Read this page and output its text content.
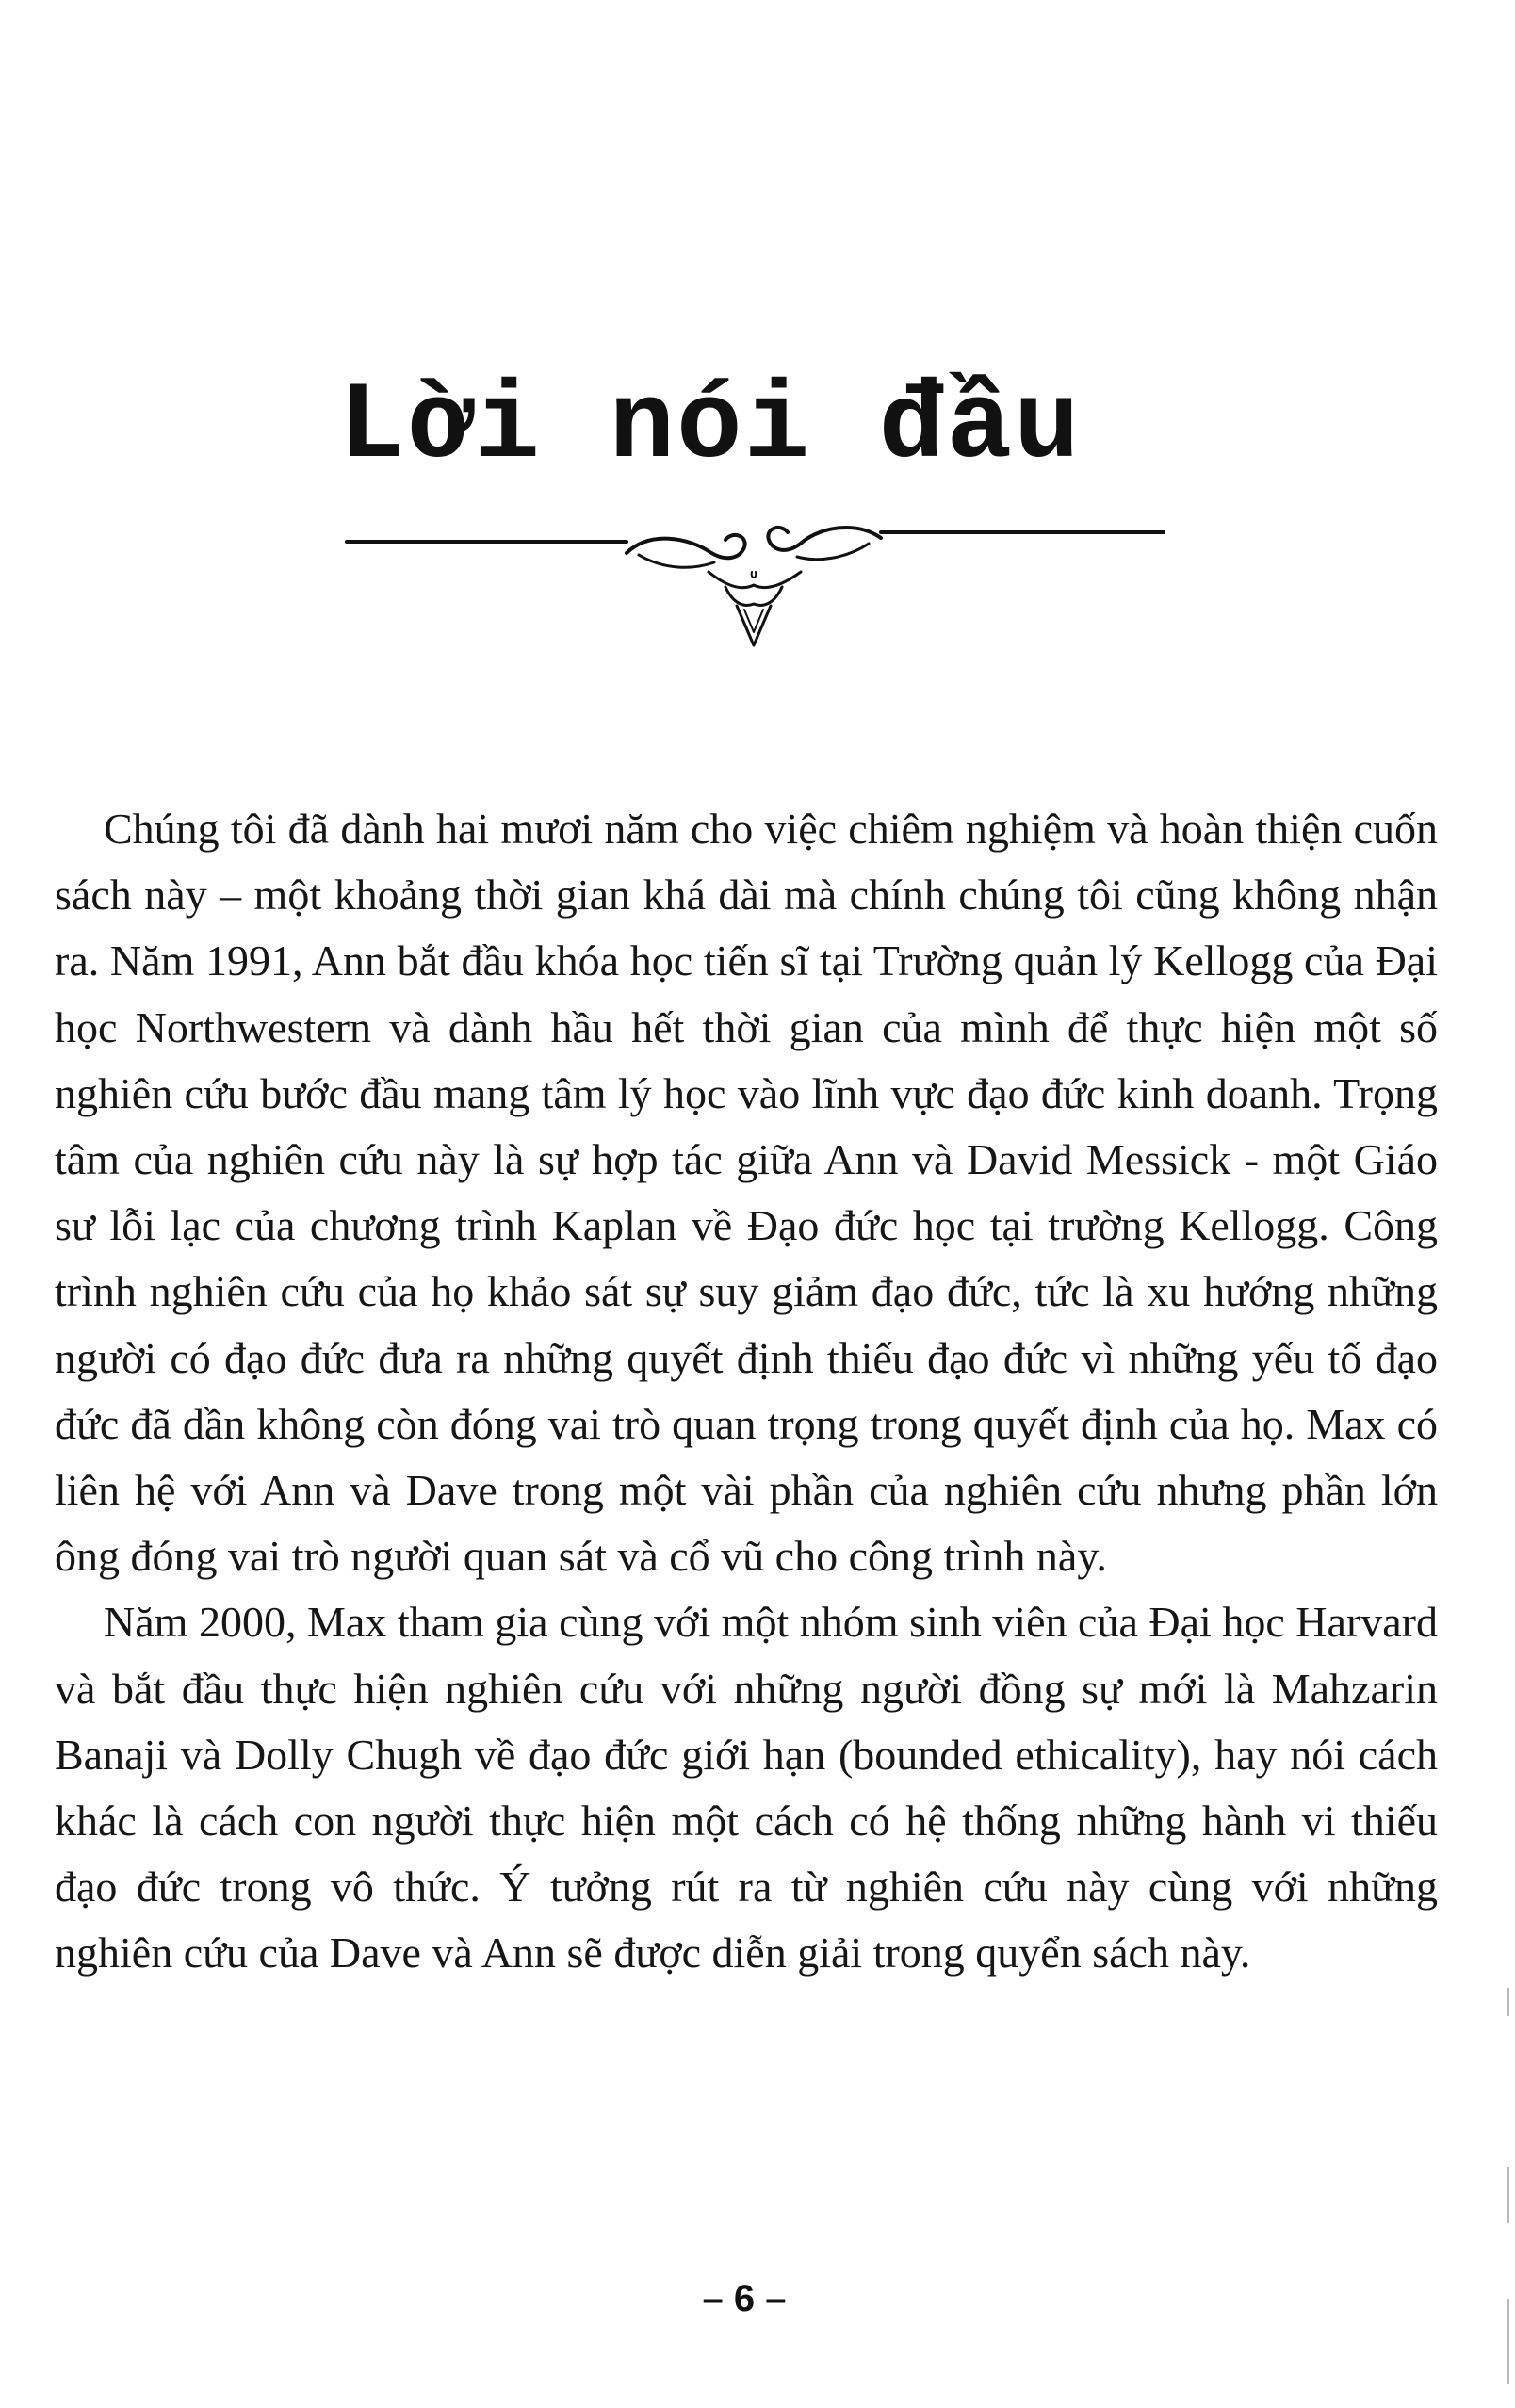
Lời nói đầu

Chúng tôi đã dành hai mươi năm cho việc chiêm nghiệm và hoàn thiện cuốn sách này – một khoảng thời gian khá dài mà chính chúng tôi cũng không nhận ra. Năm 1991, Ann bắt đầu khóa học tiến sĩ tại Trường quản lý Kellogg của Đại học Northwestern và dành hầu hết thời gian của mình để thực hiện một số nghiên cứu bước đầu mang tâm lý học vào lĩnh vực đạo đức kinh doanh. Trọng tâm của nghiên cứu này là sự hợp tác giữa Ann và David Messick - một Giáo sư lỗi lạc của chương trình Kaplan về Đạo đức học tại trường Kellogg. Công trình nghiên cứu của họ khảo sát sự suy giảm đạo đức, tức là xu hướng những người có đạo đức đưa ra những quyết định thiếu đạo đức vì những yếu tố đạo đức đã dần không còn đóng vai trò quan trọng trong quyết định của họ. Max có liên hệ với Ann và Dave trong một vài phần của nghiên cứu nhưng phần lớn ông đóng vai trò người quan sát và cổ vũ cho công trình này.

Năm 2000, Max tham gia cùng với một nhóm sinh viên của Đại học Harvard và bắt đầu thực hiện nghiên cứu với những người đồng sự mới là Mahzarin Banaji và Dolly Chugh về đạo đức giới hạn (bounded ethicality), hay nói cách khác là cách con người thực hiện một cách có hệ thống những hành vi thiếu đạo đức trong vô thức. Ý tưởng rút ra từ nghiên cứu này cùng với những nghiên cứu của Dave và Ann sẽ được diễn giải trong quyển sách này.

– 6 –
